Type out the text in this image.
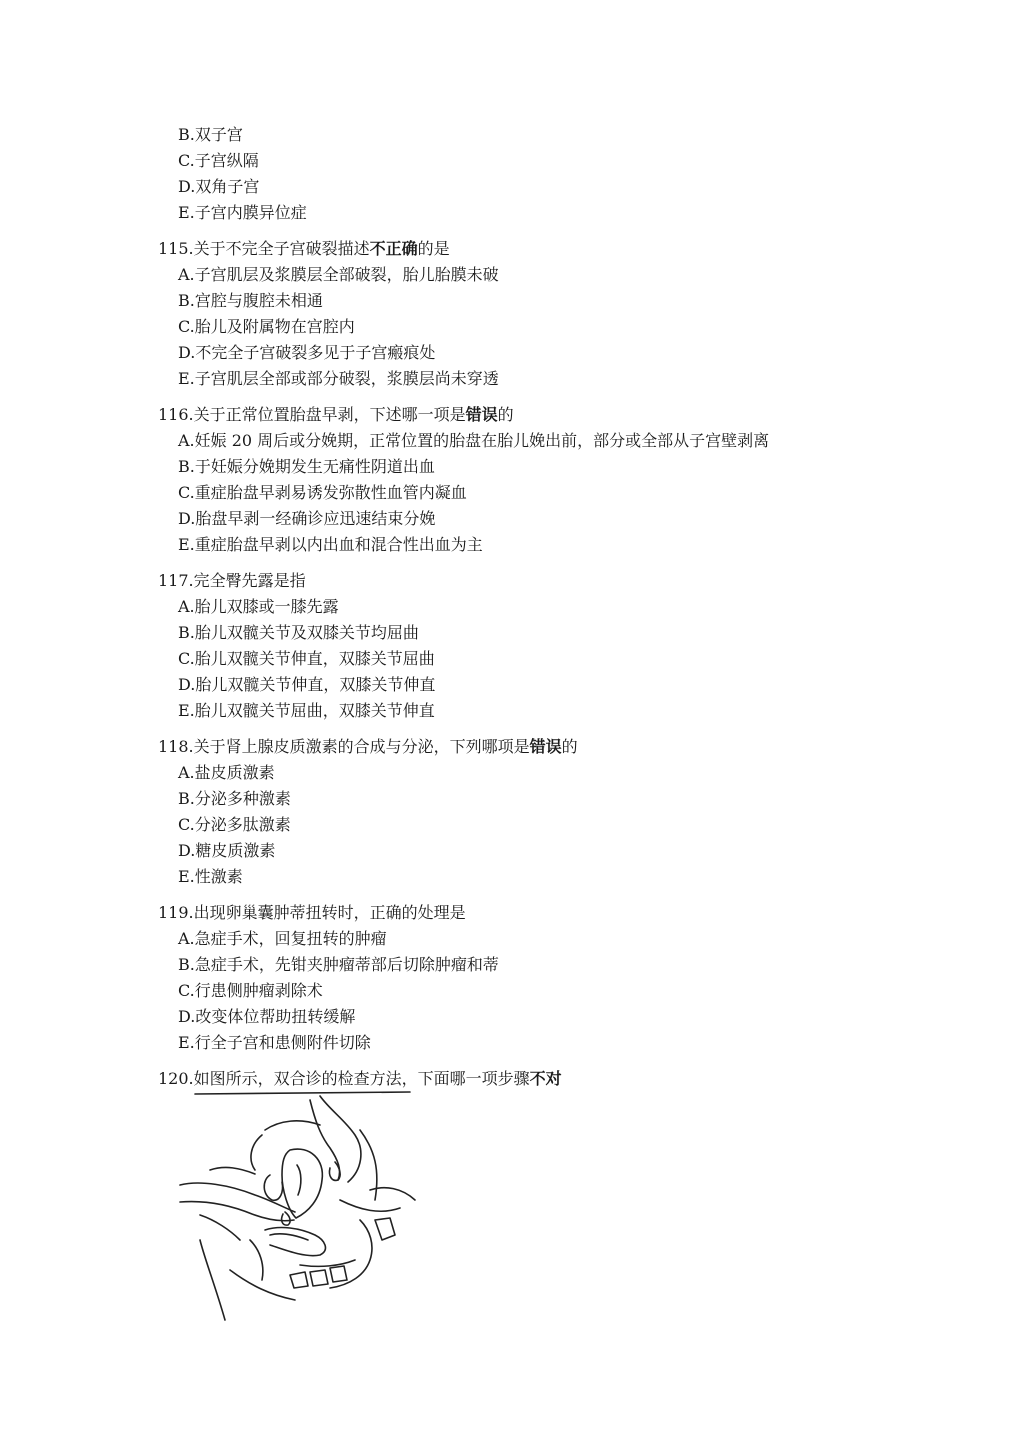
B.双子宫
C.子宫纵隔
D.双角子宫
E.子宫内膜异位症
115.关于不完全子宫破裂描述不正确的是
A.子宫肌层及浆膜层全部破裂，胎儿胎膜未破
B.宫腔与腹腔未相通
C.胎儿及附属物在宫腔内
D.不完全子宫破裂多见于子宫瘢痕处
E.子宫肌层全部或部分破裂，浆膜层尚未穿透
116.关于正常位置胎盘早剥，下述哪一项是错误的
A.妊娠 20 周后或分娩期，正常位置的胎盘在胎儿娩出前，部分或全部从子宫壁剥离
B.于妊娠分娩期发生无痛性阴道出血
C.重症胎盘早剥易诱发弥散性血管内凝血
D.胎盘早剥一经确诊应迅速结束分娩
E.重症胎盘早剥以内出血和混合性出血为主
117.完全臀先露是指
A.胎儿双膝或一膝先露
B.胎儿双髋关节及双膝关节均屈曲
C.胎儿双髋关节伸直，双膝关节屈曲
D.胎儿双髋关节伸直，双膝关节伸直
E.胎儿双髋关节屈曲，双膝关节伸直
118.关于肾上腺皮质激素的合成与分泌，下列哪项是错误的
A.盐皮质激素
B.分泌多种激素
C.分泌多肽激素
D.糖皮质激素
E.性激素
119.出现卵巢囊肿蒂扭转时，正确的处理是
A.急症手术，回复扭转的肿瘤
B.急症手术，先钳夹肿瘤蒂部后切除肿瘤和蒂
C.行患侧肿瘤剥除术
D.改变体位帮助扭转缓解
E.行全子宫和患侧附件切除
120.如图所示，双合诊的检查方法，下面哪一项步骤不对
